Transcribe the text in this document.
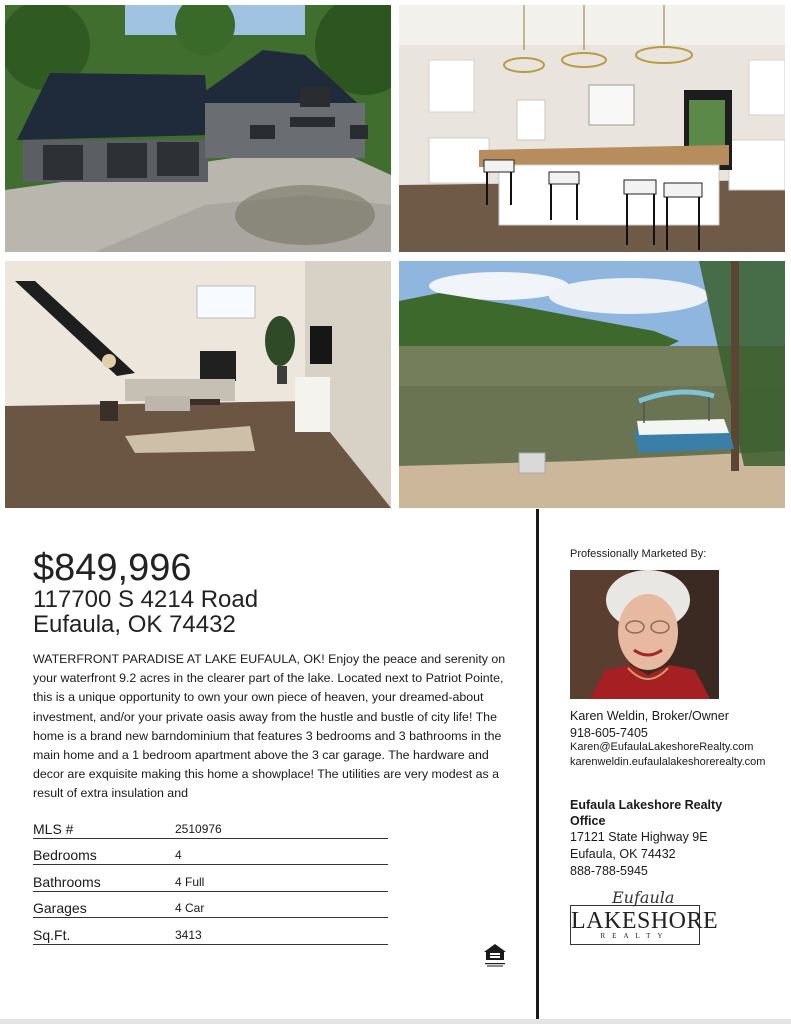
$849,996
117700 S 4214 Road
Eufaula, OK 74432
WATERFRONT PARADISE AT LAKE EUFAULA, OK! Enjoy the peace and serenity on your waterfront 9.2 acres in the clearer part of the lake. Located next to Patriot Pointe, this is a unique opportunity to own your own piece of heaven, your dreamed-about investment, and/or your private oasis away from the hustle and bustle of city life! The home is a brand new barndominium that features 3 bedrooms and 3 bathrooms in the main home and a 1 bedroom apartment above the 3 car garage. The hardware and decor are exquisite making this home a showplace! The utilities are very modest as a result of extra insulation and
MLS #	2510976
Bedrooms	4
Bathrooms	4 Full
Garages	4 Car
Sq.Ft.	3413
Professionally Marketed By:
Karen Weldin, Broker/Owner
918-605-7405
Karen@EufaulaLakeshoreRealty.com
karenweldin.eufaulalakeshorerealty.com
Eufaula Lakeshore Realty Office
17121 State Highway 9E
Eufaula, OK 74432
888-788-5945
Eufaula
LAKESHORE
REALTY
